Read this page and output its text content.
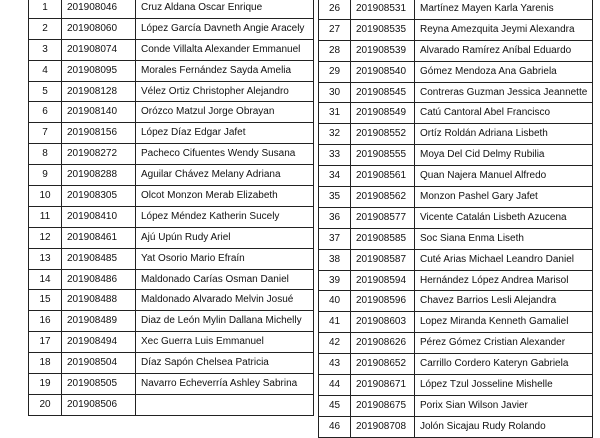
1	201908046	Cruz Aldana Oscar Enrique
2	201908060	López García Davneth Angie Aracely
3	201908074	Conde Villalta Alexander Emmanuel
4	201908095	Morales Fernández Sayda Amelia
5	201908128	Vélez Ortiz Christopher Alejandro
6	201908140	Orózco Matzul Jorge Obrayan
7	201908156	López Díaz Edgar Jafet
8	201908272	Pacheco Cifuentes Wendy Susana
9	201908288	Aguilar Chávez Melany Adriana
10	201908305	Olcot Monzon Merab Elizabeth
11	201908410	López Méndez Katherin Sucely
12	201908461	Ajú Upún Rudy Ariel
13	201908485	Yat Osorio Mario Efraín
14	201908486	Maldonado Carías Osman Daniel
15	201908488	Maldonado Alvarado Melvin Josué
16	201908489	Diaz de León Mylin Dallana Michelly
17	201908494	Xec Guerra Luis Emmanuel
18	201908504	Díaz Sapón Chelsea Patricia
19	201908505	Navarro Echeverría Ashley Sabrina
20	201908506	
26	201908531	Martínez Mayen Karla Yarenis
27	201908535	Reyna Amezquita Jeymi Alexandra
28	201908539	Alvarado Ramírez Aníbal Eduardo
29	201908540	Gómez Mendoza Ana Gabriela
30	201908545	Contreras Guzman Jessica Jeannette
31	201908549	Catú Cantoral Abel Francisco
32	201908552	Ortíz Roldán Adriana Lisbeth
33	201908555	Moya Del Cid Delmy Rubilia
34	201908561	Quan Najera Manuel Alfredo
35	201908562	Monzon Pashel Gary Jafet
36	201908577	Vicente Catalán Lisbeth Azucena
37	201908585	Soc Siana Enma Liseth
38	201908587	Cuté Arias Michael Leandro Daniel
39	201908594	Hernández López Andrea Marisol
40	201908596	Chavez Barrios Lesli Alejandra
41	201908603	Lopez Miranda Kenneth Gamaliel
42	201908626	Pérez Gómez Cristian Alexander
43	201908652	Carrillo Cordero Kateryn Gabriela
44	201908671	López Tzul Josseline Mishelle
45	201908675	Porix Sian Wilson Javier
46	201908708	Jolón Sicajau Rudy Rolando
